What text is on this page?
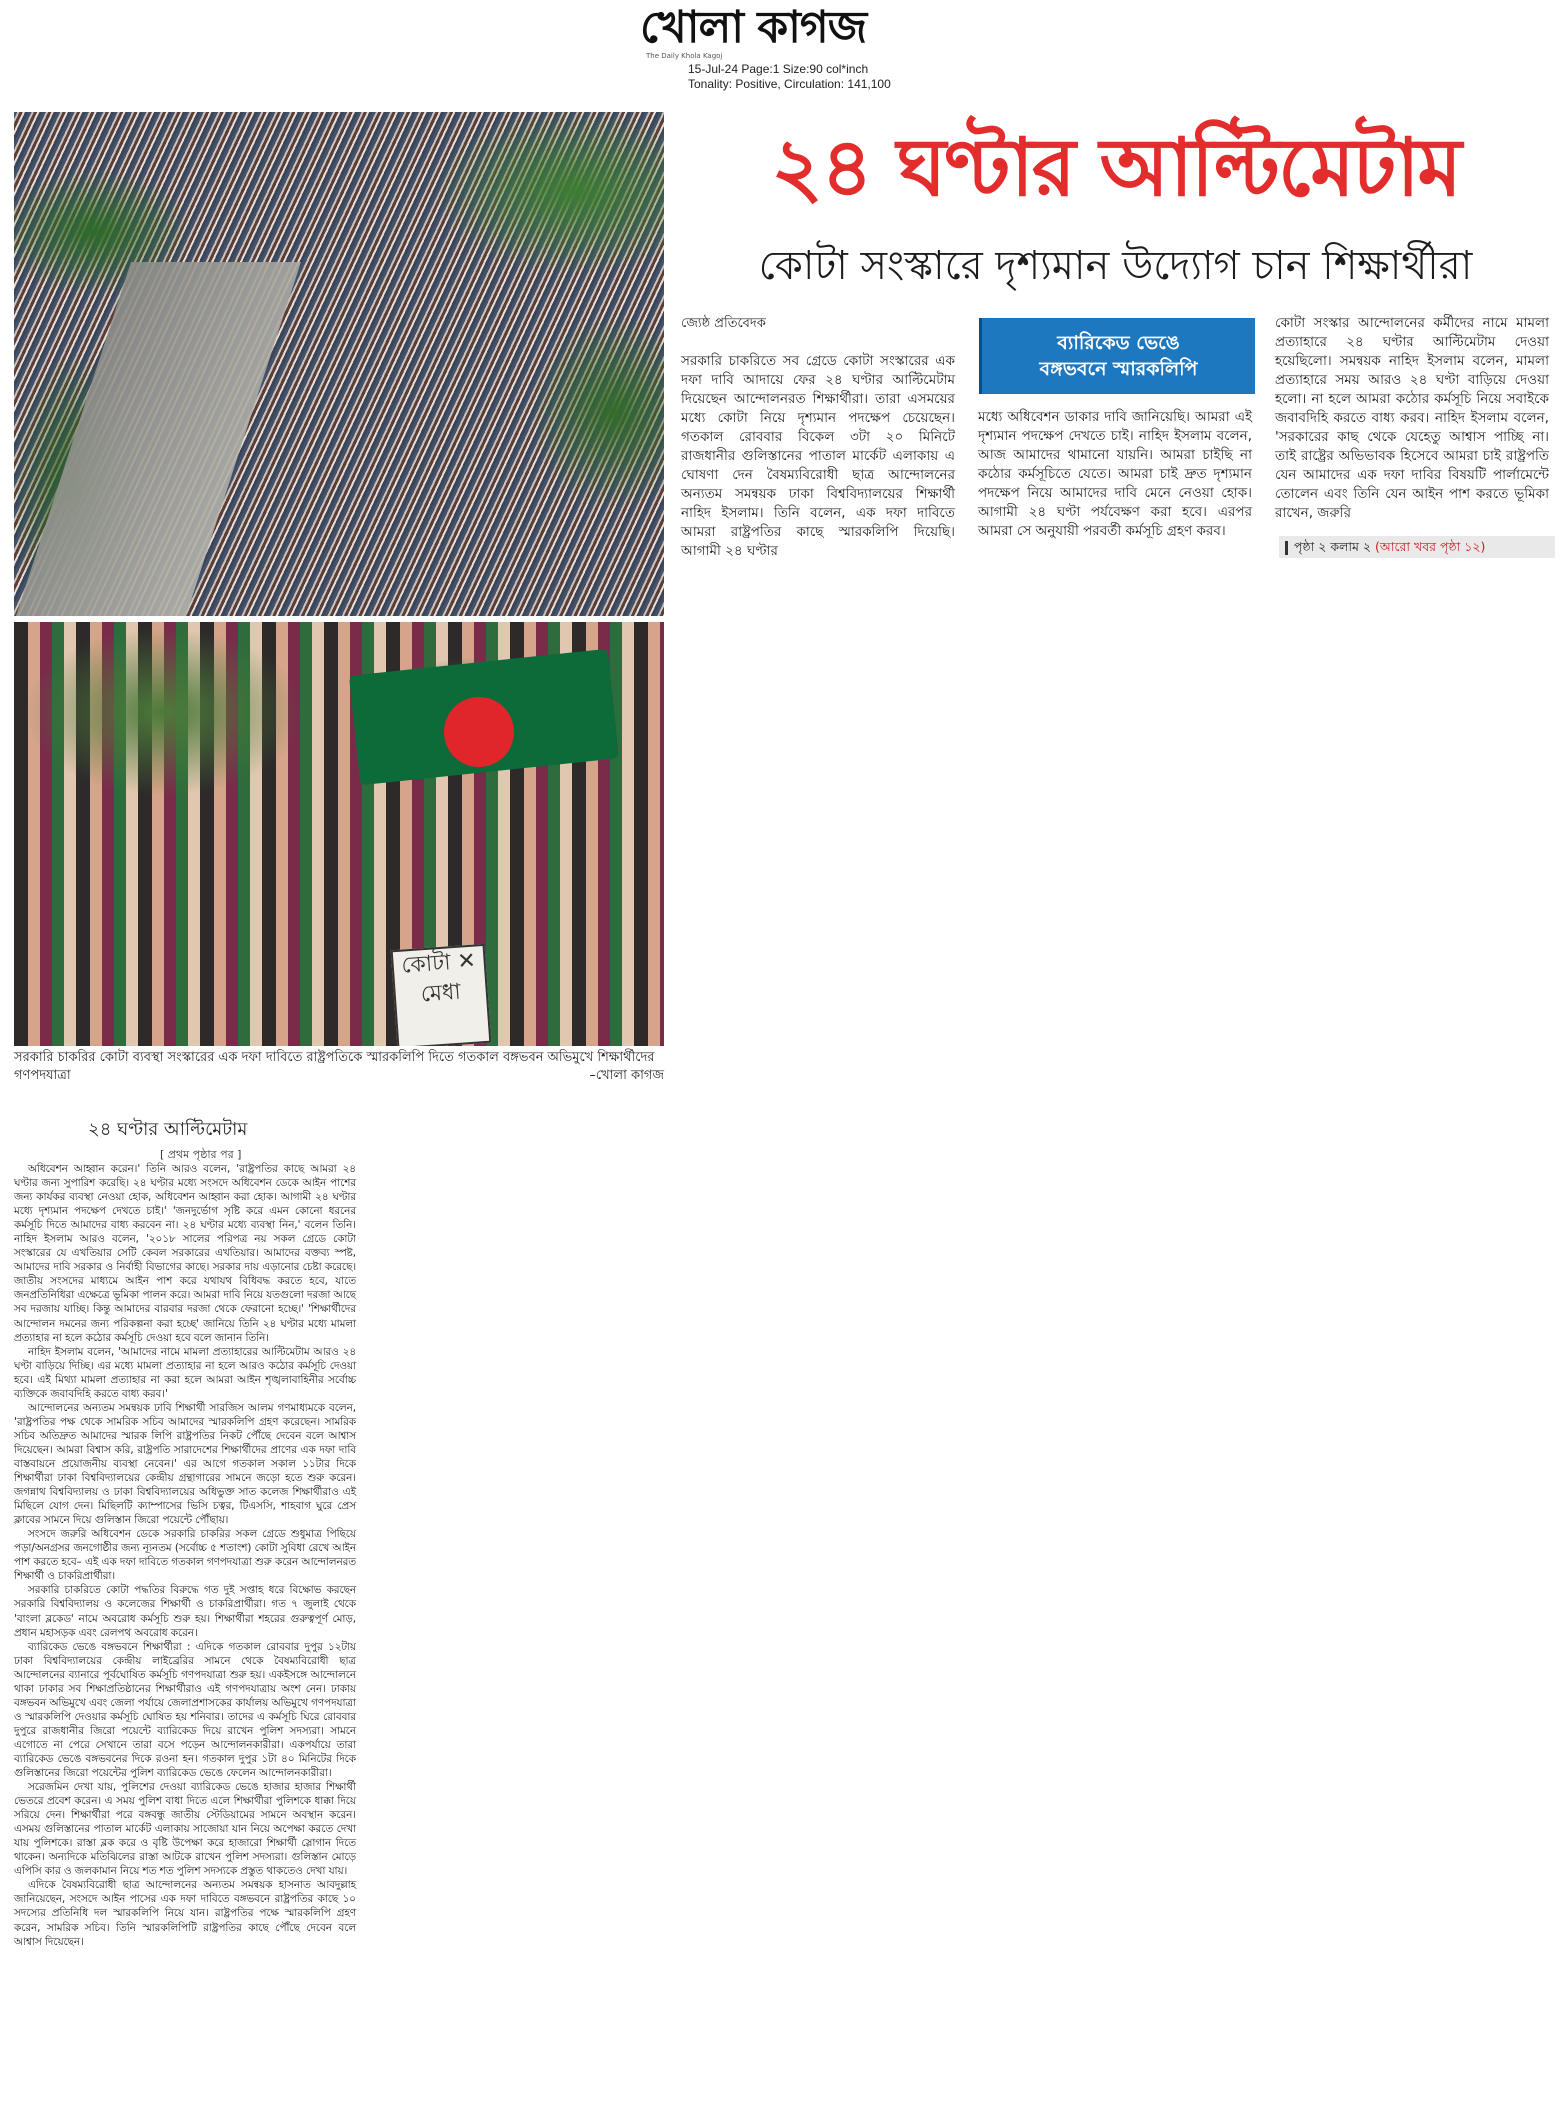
খোলা কাগজ
The Daily Khola Kagoj
15-Jul-24 Page:1 Size:90 col*inch
Tonality: Positive, Circulation: 141,100
কোটা ✕ মেধা
সরকারি চাকরির কোটা ব্যবস্থা সংস্কারের এক দফা দাবিতে রাষ্ট্রপতিকে স্মারকলিপি দিতে গতকাল বঙ্গভবন অভিমুখে শিক্ষার্থীদের গণপদযাত্রা	–খোলা কাগজ
২৪ ঘণ্টার আল্টিমেটাম
কোটা সংস্কারে দৃশ্যমান উদ্যোগ চান শিক্ষার্থীরা
জ্যেষ্ঠ প্রতিবেদক
সরকারি চাকরিতে সব গ্রেডে কোটা সংস্কারের এক দফা দাবি আদায়ে ফের ২৪ ঘণ্টার আল্টিমেটাম দিয়েছেন আন্দোলনরত শিক্ষার্থীরা। তারা এসময়ের মধ্যে কোটা নিয়ে দৃশ্যমান পদক্ষেপ চেয়েছেন। গতকাল রোববার বিকেল ৩টা ২০ মিনিটে রাজধানীর গুলিস্তানের পাতাল মার্কেট এলাকায় এ ঘোষণা দেন বৈষম্যবিরোধী ছাত্র আন্দোলনের অন্যতম সমন্বয়ক ঢাকা বিশ্ববিদ্যালয়ের শিক্ষার্থী নাহিদ ইসলাম। তিনি বলেন, এক দফা দাবিতে আমরা রাষ্ট্রপতির কাছে স্মারকলিপি দিয়েছি। আগামী ২৪ ঘণ্টার
ব্যারিকেড ভেঙে
বঙ্গভবনে স্মারকলিপি
মধ্যে অধিবেশন ডাকার দাবি জানিয়েছি। আমরা এই দৃশ্যমান পদক্ষেপ দেখতে চাই। নাহিদ ইসলাম বলেন, আজ আমাদের থামানো যায়নি। আমরা চাইছি না কঠোর কর্মসূচিতে যেতে। আমরা চাই দ্রুত দৃশ্যমান পদক্ষেপ নিয়ে আমাদের দাবি মেনে নেওয়া হোক। আগামী ২৪ ঘণ্টা পর্যবেক্ষণ করা হবে। এরপর আমরা সে অনুযায়ী পরবর্তী কর্মসূচি গ্রহণ করব।
কোটা সংস্কার আন্দোলনের কর্মীদের নামে মামলা প্রত্যাহারে ২৪ ঘণ্টার আল্টিমেটাম দেওয়া হয়েছিলো। সমন্বয়ক নাহিদ ইসলাম বলেন, মামলা প্রত্যাহারে সময় আরও ২৪ ঘণ্টা বাড়িয়ে দেওয়া হলো। না হলে আমরা কঠোর কর্মসূচি নিয়ে সবাইকে জবাবদিহি করতে বাধ্য করব। নাহিদ ইসলাম বলেন, 'সরকারের কাছ থেকে যেহেতু আশ্বাস পাচ্ছি না। তাই রাষ্ট্রের অভিভাবক হিসেবে আমরা চাই রাষ্ট্রপতি যেন আমাদের এক দফা দাবির বিষয়টি পার্লামেন্টে তোলেন এবং তিনি যেন আইন পাশ করতে ভূমিকা রাখেন, জরুরি
পৃষ্ঠা ২ কলাম ২ (আরো খবর পৃষ্ঠা ১২)
২৪ ঘণ্টার আল্টিমেটাম
[ প্রথম পৃষ্ঠার পর ]

অধিবেশন আহ্বান করেন।' তিনি আরও বলেন, 'রাষ্ট্রপতির কাছে আমরা ২৪ ঘণ্টার জন্য সুপারিশ করেছি। ২৪ ঘণ্টার মধ্যে সংসদে অধিবেশন ডেকে আইন পাশের জন্য কার্যকর ব্যবস্থা নেওয়া হোক, অধিবেশন আহ্বান করা হোক। আগামী ২৪ ঘণ্টার মধ্যে দৃশ্যমান পদক্ষেপ দেখতে চাই।' 'জনদুর্ভোগ সৃষ্টি করে এমন কোনো ধরনের কর্মসূচি দিতে আমাদের বাধ্য করবেন না। ২৪ ঘণ্টার মধ্যে ব্যবস্থা নিন,' বলেন তিনি। নাহিদ ইসলাম আরও বলেন, '২০১৮ সালের পরিপত্র নয় সকল গ্রেডে কোটা সংস্কারের যে এখতিয়ার সেটি কেবল সরকারের এখতিয়ার। আমাদের বক্তব্য স্পষ্ট, আমাদের দাবি সরকার ও নির্বাহী বিভাগের কাছে। সরকার দায় এড়ানোর চেষ্টা করেছে। জাতীয় সংসদের মাধ্যমে আইন পাশ করে যথাযথ বিধিবদ্ধ করতে হবে, যাতে জনপ্রতিনিধিরা এক্ষেত্রে ভূমিকা পালন করে। আমরা দাবি নিয়ে যতগুলো দরজা আছে সব দরজায় যাচ্ছি। কিন্তু আমাদের বারবার দরজা থেকে ফেরানো হচ্ছে।' 'শিক্ষার্থীদের আন্দোলন দমনের জন্য পরিকল্পনা করা হচ্ছে' জানিয়ে তিনি ২৪ ঘণ্টার মধ্যে মামলা প্রত্যাহার না হলে কঠোর কর্মসূচি দেওয়া হবে বলে জানান তিনি।

নাহিদ ইসলাম বলেন, 'আমাদের নামে মামলা প্রত্যাহারের আল্টিমেটাম আরও ২৪ ঘণ্টা বাড়িয়ে দিচ্ছি। এর মধ্যে মামলা প্রত্যাহার না হলে আরও কঠোর কর্মসূচি দেওয়া হবে। এই মিথ্যা মামলা প্রত্যাহার না করা হলে আমরা আইন শৃঙ্খলাবাহিনীর সর্বোচ্চ ব্যক্তিকে জবাবদিহি করতে বাধ্য করব।'

আন্দোলনের অন্যতম সমন্বয়ক ঢাবি শিক্ষার্থী সারজিস আলম গণমাধ্যমকে বলেন, 'রাষ্ট্রপতির পক্ষ থেকে সামরিক সচিব আমাদের স্মারকলিপি গ্রহণ করেছেন। সামরিক সচিব অতিদ্রুত আমাদের স্মারক লিপি রাষ্ট্রপতির নিকট পৌঁছে দেবেন বলে আশ্বাস দিয়েছেন। আমরা বিশ্বাস করি, রাষ্ট্রপতি সারাদেশের শিক্ষার্থীদের প্রাণের এক দফা দাবি বাস্তবায়নে প্রয়োজনীয় ব্যবস্থা নেবেন।' এর আগে গতকাল সকাল ১১টার দিকে শিক্ষার্থীরা ঢাকা বিশ্ববিদ্যালয়ের কেন্দ্রীয় গ্রন্থাগারের সামনে জড়ো হতে শুরু করেন। জগন্নাথ বিশ্ববিদ্যালয় ও ঢাকা বিশ্ববিদ্যালয়ের অধিভুক্ত সাত কলেজ শিক্ষার্থীরাও এই মিছিলে যোগ দেন। মিছিলটি ক্যাম্পাসের ভিসি চত্বর, টিএসসি, শাহবাগ ঘুরে প্রেস ক্লাবের সামনে দিয়ে গুলিস্তান জিরো পয়েন্টে পৌঁছায়।

সংসদে জরুরি অধিবেশন ডেকে সরকারি চাকরির সকল গ্রেডে শুধুমাত্র পিছিয়ে পড়া/অনগ্রসর জনগোষ্ঠীর জন্য ন্যূনতম (সর্বোচ্চ ৫ শতাংশ) কোটা সুবিধা রেখে আইন পাশ করতে হবে– এই এক দফা দাবিতে গতকাল গণপদযাত্রা শুরু করেন আন্দোলনরত শিক্ষার্থী ও চাকরিপ্রার্থীরা।

সরকারি চাকরিতে কোটা পদ্ধতির বিরুদ্ধে গত দুই সপ্তাহ ধরে বিক্ষোভ করছেন সরকারি বিশ্ববিদ্যালয় ও কলেজের শিক্ষার্থী ও চাকরিপ্রার্থীরা। গত ৭ জুলাই থেকে 'বাংলা ব্লকেড' নামে অবরোধ কর্মসূচি শুরু হয়। শিক্ষার্থীরা শহরের গুরুত্বপূর্ণ মোড়, প্রধান মহাসড়ক এবং রেলপথ অবরোধ করেন।

ব্যারিকেড ভেঙে বঙ্গভবনে শিক্ষার্থীরা : এদিকে গতকাল রোববার দুপুর ১২টায় ঢাকা বিশ্ববিদ্যালয়ের কেন্দ্রীয় লাইব্রেরির সামনে থেকে বৈষম্যবিরোধী ছাত্র আন্দোলনের ব্যানারে পূর্বঘোষিত কর্মসূচি গণপদযাত্রা শুরু হয়। একইসঙ্গে আন্দোলনে থাকা ঢাকার সব শিক্ষাপ্রতিষ্ঠানের শিক্ষার্থীরাও এই গণপদযাত্রায় অংশ নেন। ঢাকায় বঙ্গভবন অভিমুখে এবং জেলা পর্যায়ে জেলাপ্রশাসকের কার্যালয় অভিমুখে গণপদযাত্রা ও স্মারকলিপি দেওয়ার কর্মসূচি ঘোষিত হয় শনিবার। তাদের এ কর্মসূচি ঘিরে রোববার দুপুরে রাজধানীর জিরো পয়েন্টে ব্যারিকেড দিয়ে রাখেন পুলিশ সদস্যরা। সামনে এগোতে না পেরে সেখানে তারা বসে পড়েন আন্দোলনকারীরা। একপর্যায়ে তারা ব্যারিকেড ভেঙে বঙ্গভবনের দিকে রওনা হন। গতকাল দুপুর ১টা ৪০ মিনিটের দিকে গুলিস্তানের জিরো পয়েন্টের পুলিশ ব্যারিকেড ভেঙে ফেলেন আন্দোলনকারীরা।

সরেজমিন দেখা যায়, পুলিশের দেওয়া ব্যারিকেড ভেঙে হাজার হাজার শিক্ষার্থী ভেতরে প্রবেশ করেন। এ সময় পুলিশ বাধা দিতে এলে শিক্ষার্থীরা পুলিশকে ধাক্কা দিয়ে সরিয়ে দেন। শিক্ষার্থীরা পরে বঙ্গবন্ধু জাতীয় স্টেডিয়ামের সামনে অবস্থান করেন। এসময় গুলিস্তানের পাতাল মার্কেট এলাকায় সাজোয়া যান নিয়ে অপেক্ষা করতে দেখা যায় পুলিশকে। রাস্তা ব্লক করে ও বৃষ্টি উপেক্ষা করে হাজারো শিক্ষার্থী স্লোগান দিতে থাকেন। অন্যদিকে মতিঝিলের রাস্তা আটকে রাখেন পুলিশ সদস্যরা। গুলিস্তান মোড়ে এপিসি কার ও জলকামান নিয়ে শত শত পুলিশ সদস্যকে প্রস্তুত থাকতেও দেখা যায়।

এদিকে বৈষম্যবিরোধী ছাত্র আন্দোলনের অন্যতম সমন্বয়ক হাসনাত আবদুল্লাহ জানিয়েছেন, সংসদে আইন পাসের এক দফা দাবিতে বঙ্গভবনে রাষ্ট্রপতির কাছে ১০ সদস্যের প্রতিনিধি দল স্মারকলিপি নিয়ে যান। রাষ্ট্রপতির পক্ষে স্মারকলিপি গ্রহণ করেন, সামরিক সচিব। তিনি স্মারকলিপিটি রাষ্ট্রপতির কাছে পৌঁছে দেবেন বলে আশ্বাস দিয়েছেন।
